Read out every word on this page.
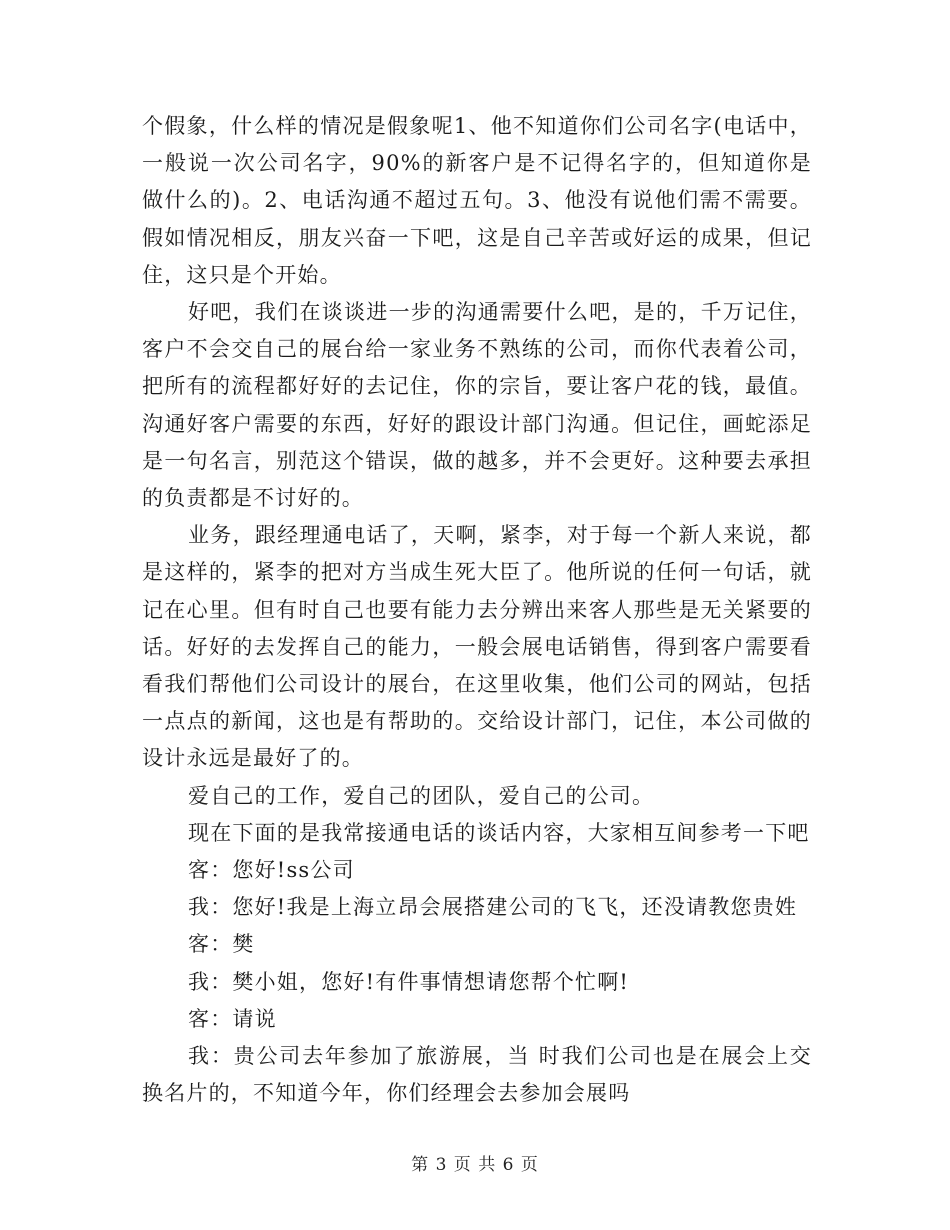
个假象，什么样的情况是假象呢1、他不知道你们公司名字(电话中，一般说一次公司名字，90%的新客户是不记得名字的，但知道你是做什么的)。2、电话沟通不超过五句。3、他没有说他们需不需要。假如情况相反，朋友兴奋一下吧，这是自己辛苦或好运的成果，但记住，这只是个开始。

好吧，我们在谈谈进一步的沟通需要什么吧，是的，千万记住，客户不会交自己的展台给一家业务不熟练的公司，而你代表着公司，把所有的流程都好好的去记住，你的宗旨，要让客户花的钱，最值。沟通好客户需要的东西，好好的跟设计部门沟通。但记住，画蛇添足是一句名言，别范这个错误，做的越多，并不会更好。这种要去承担的负责都是不讨好的。

业务，跟经理通电话了，天啊，紧李，对于每一个新人来说，都是这样的，紧李的把对方当成生死大臣了。他所说的任何一句话，就记在心里。但有时自己也要有能力去分辨出来客人那些是无关紧要的话。好好的去发挥自己的能力，一般会展电话销售，得到客户需要看看我们帮他们公司设计的展台，在这里收集，他们公司的网站，包括一点点的新闻，这也是有帮助的。交给设计部门，记住，本公司做的设计永远是最好了的。

爱自己的工作，爱自己的团队，爱自己的公司。

现在下面的是我常接通电话的谈话内容，大家相互间参考一下吧

客：您好!ss公司

我：您好!我是上海立昂会展搭建公司的飞飞，还没请教您贵姓

客：樊

我：樊小姐，您好!有件事情想请您帮个忙啊!

客：请说

我：贵公司去年参加了旅游展，当 时我们公司也是在展会上交换名片的，不知道今年，你们经理会去参加会展吗

第 3 页 共 6 页
